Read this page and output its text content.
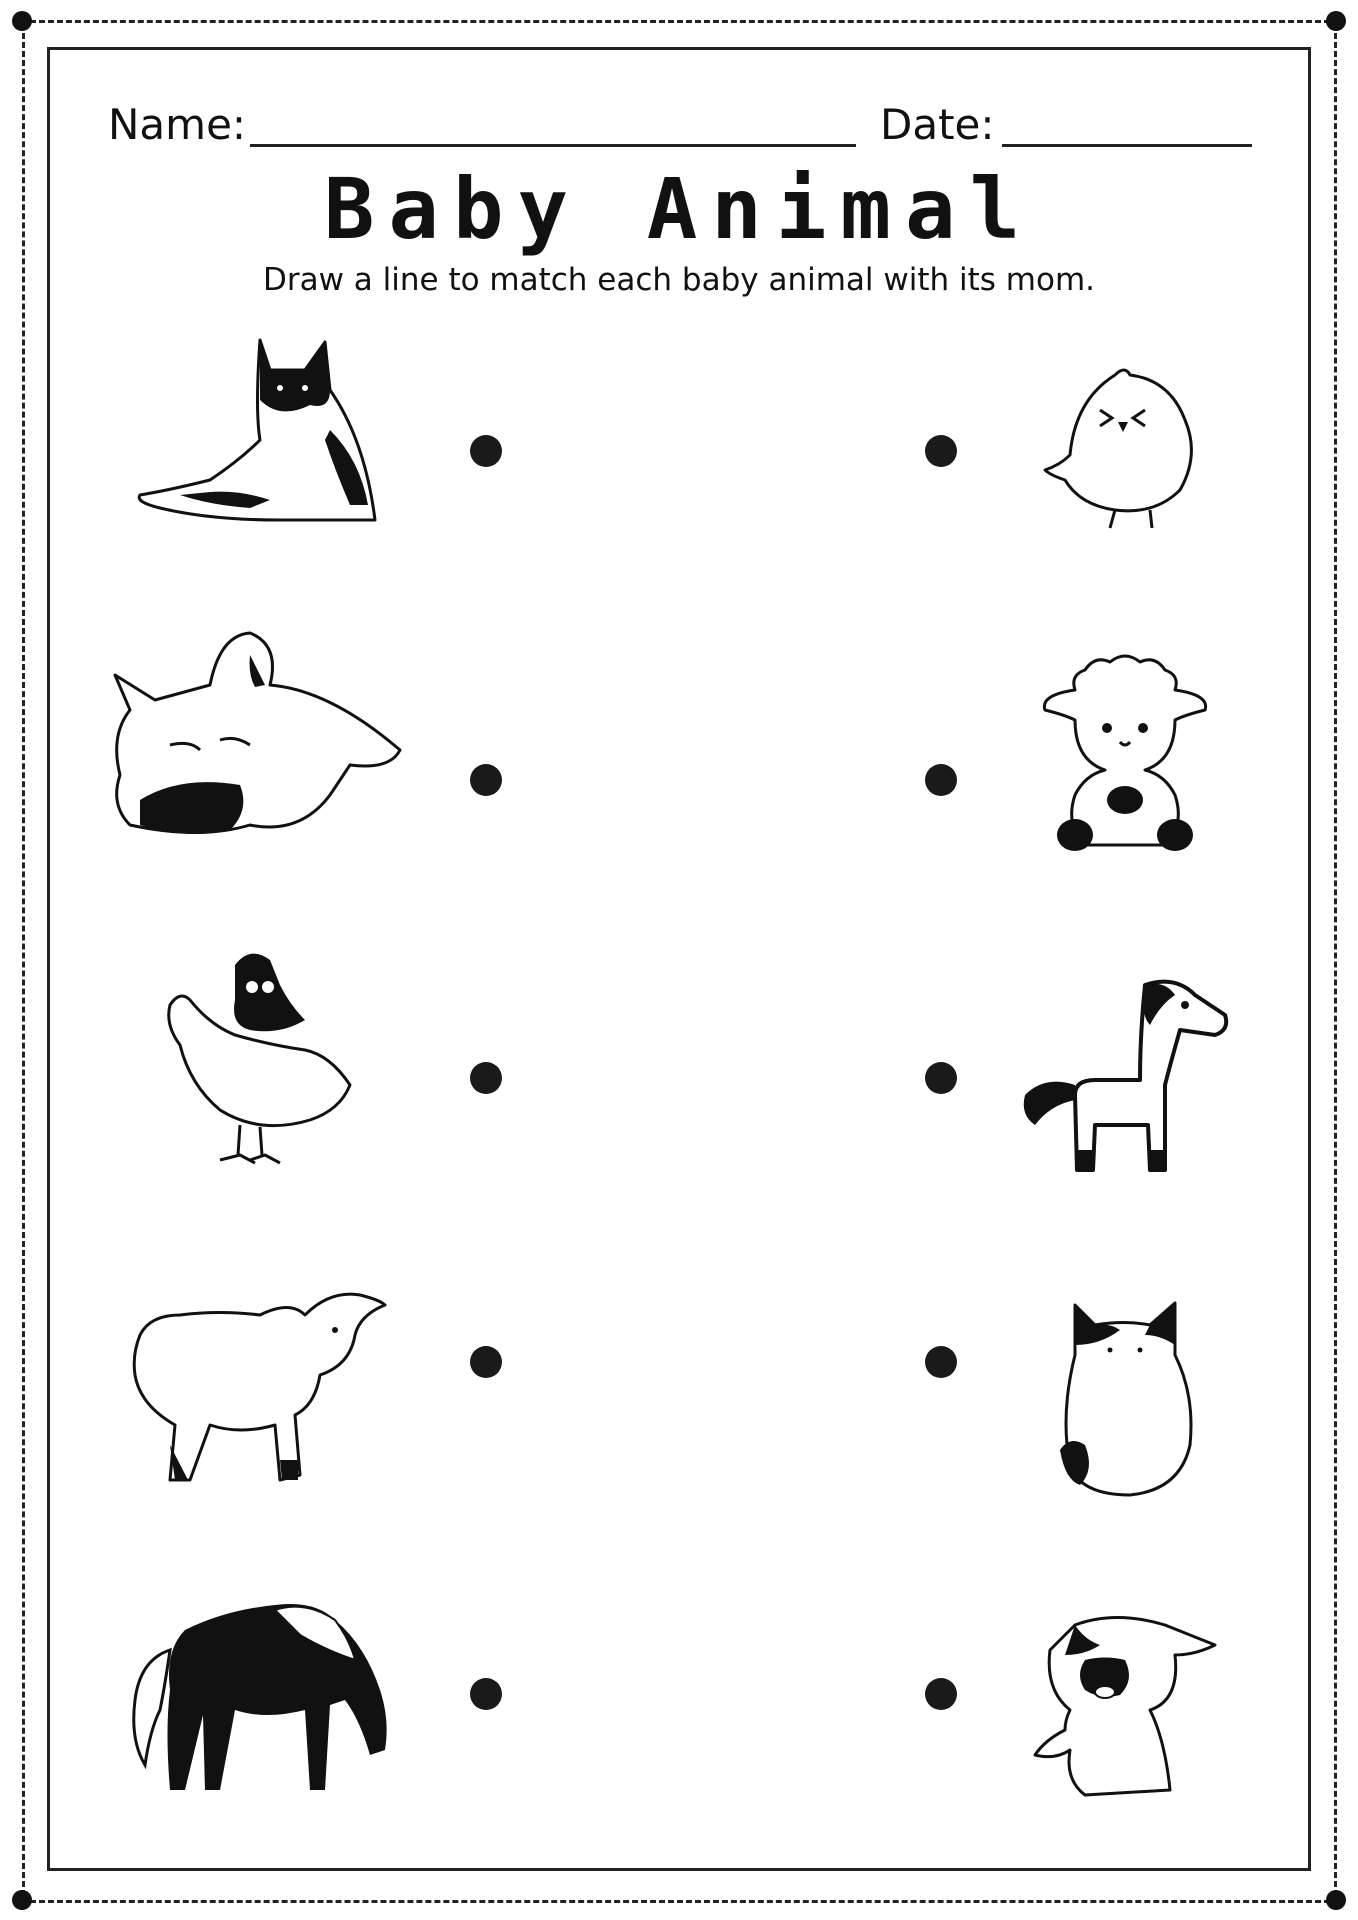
Name:	Date:
Baby Animal
Draw a line to match each baby animal with its mom.
